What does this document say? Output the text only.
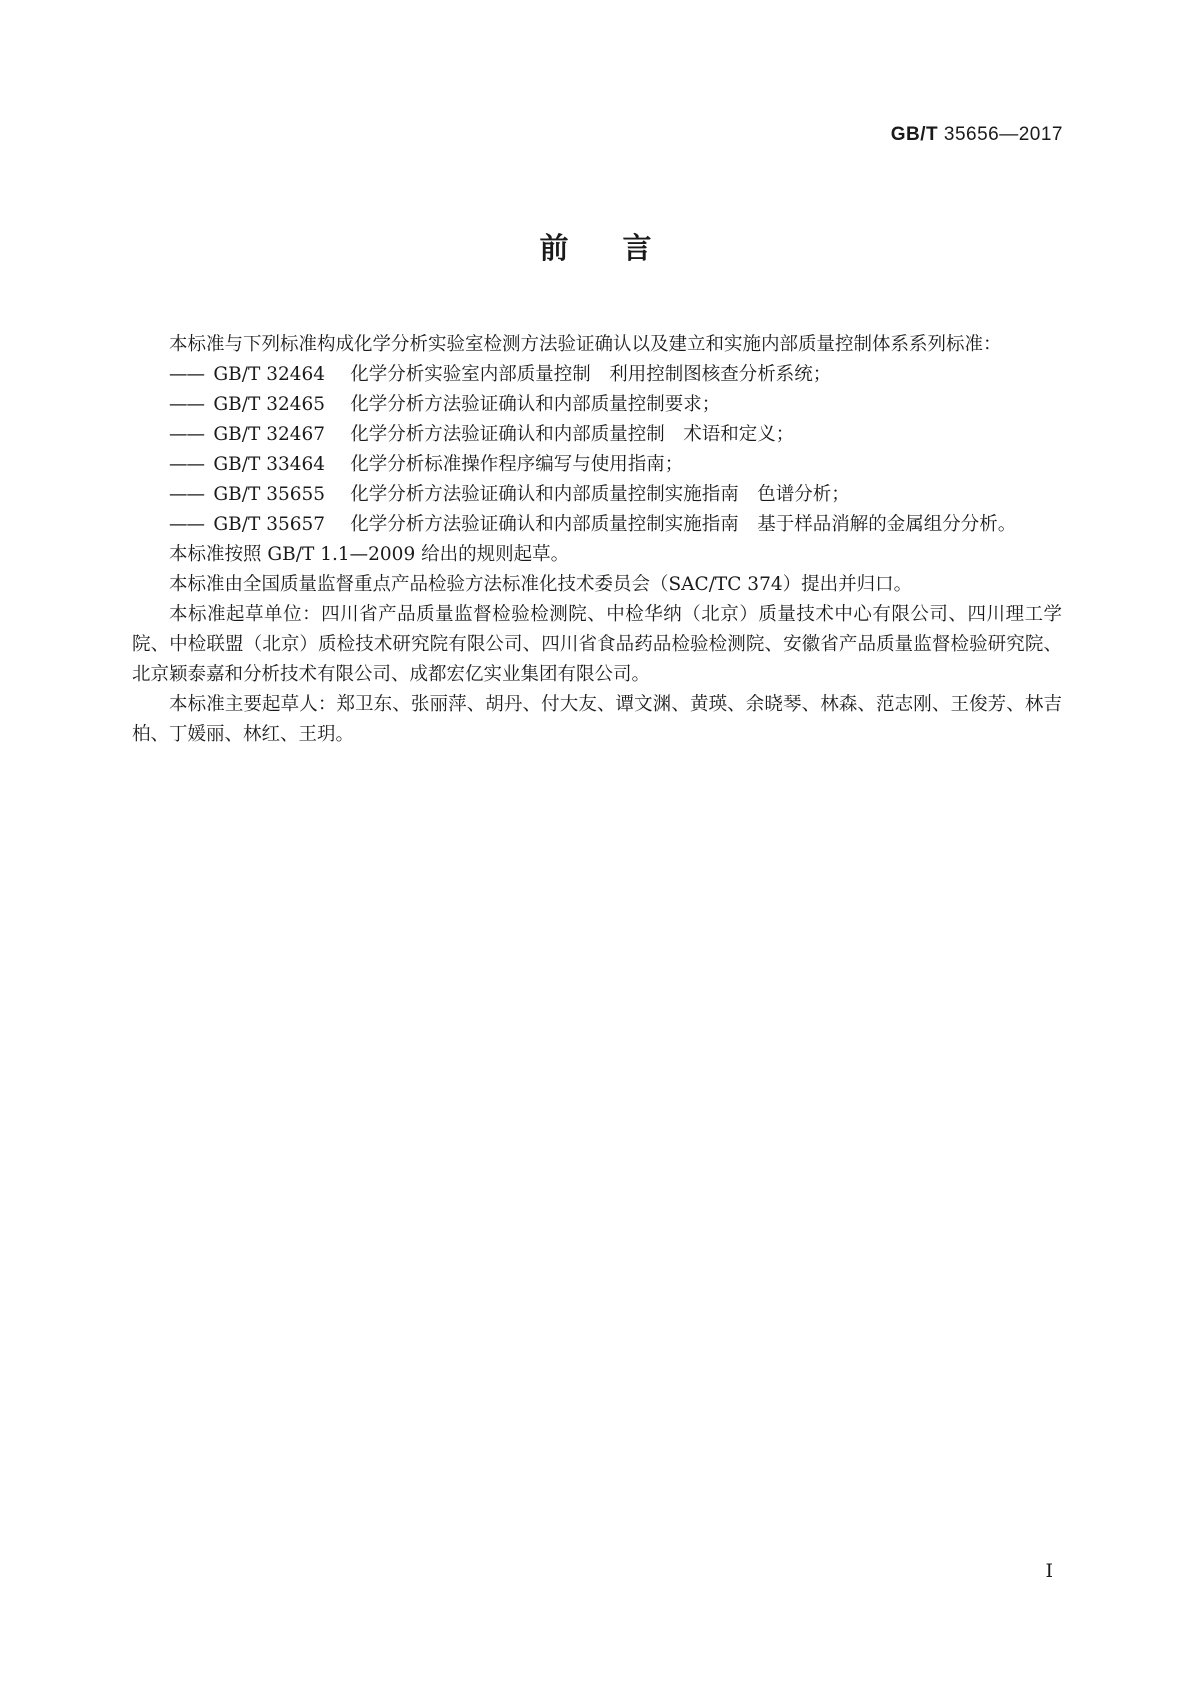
GB/T 35656—2017
前言

本标准与下列标准构成化学分析实验室检测方法验证确认以及建立和实施内部质量控制体系系列标准：

—— GB/T 32464	化学分析实验室内部质量控制　利用控制图核查分析系统；
—— GB/T 32465	化学分析方法验证确认和内部质量控制要求；
—— GB/T 32467	化学分析方法验证确认和内部质量控制　术语和定义；
—— GB/T 33464	化学分析标准操作程序编写与使用指南；
—— GB/T 35655	化学分析方法验证确认和内部质量控制实施指南　色谱分析；
—— GB/T 35657	化学分析方法验证确认和内部质量控制实施指南　基于样品消解的金属组分分析。

本标准按照 GB/T 1.1—2009 给出的规则起草。

本标准由全国质量监督重点产品检验方法标准化技术委员会（SAC/TC 374）提出并归口。

本标准起草单位：四川省产品质量监督检验检测院、中检华纳（北京）质量技术中心有限公司、四川理工学院、中检联盟（北京）质检技术研究院有限公司、四川省食品药品检验检测院、安徽省产品质量监督检验研究院、北京颖泰嘉和分析技术有限公司、成都宏亿实业集团有限公司。

本标准主要起草人：郑卫东、张丽萍、胡丹、付大友、谭文渊、黄瑛、余晓琴、林森、范志刚、王俊芳、林吉柏、丁媛丽、林红、王玥。

I
